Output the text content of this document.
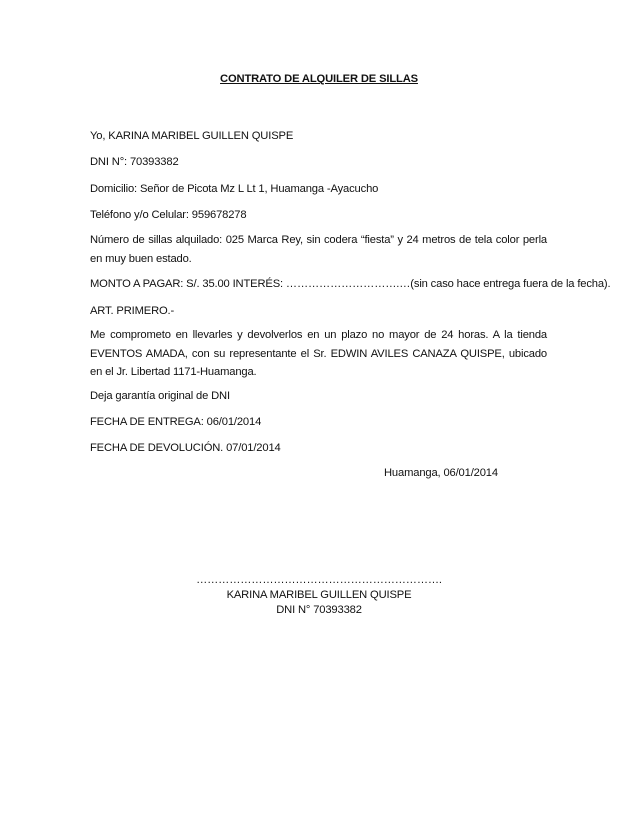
CONTRATO DE ALQUILER DE SILLAS
Yo, KARINA MARIBEL GUILLEN QUISPE
DNI N°: 70393382
Domicilio: Señor de Picota Mz L Lt 1, Huamanga -Ayacucho
Teléfono y/o Celular: 959678278
Número de sillas alquilado: 025 Marca Rey, sin codera “fiesta” y 24 metros de tela color perla en muy buen estado.
MONTO A PAGAR: S/. 35.00 INTERÉS: ………………………….…(sin caso hace entrega fuera de la fecha).
ART. PRIMERO.-
Me comprometo en llevarles y devolverlos en un plazo no mayor de 24 horas. A la tienda EVENTOS AMADA, con su representante el Sr. EDWIN AVILES CANAZA QUISPE, ubicado en el Jr. Libertad 1171-Huamanga.
Deja garantía original de DNI
FECHA DE ENTREGA: 06/01/2014
FECHA DE DEVOLUCIÓN. 07/01/2014
Huamanga, 06/01/2014
………………………………………………………….
KARINA MARIBEL GUILLEN QUISPE
DNI N° 70393382
